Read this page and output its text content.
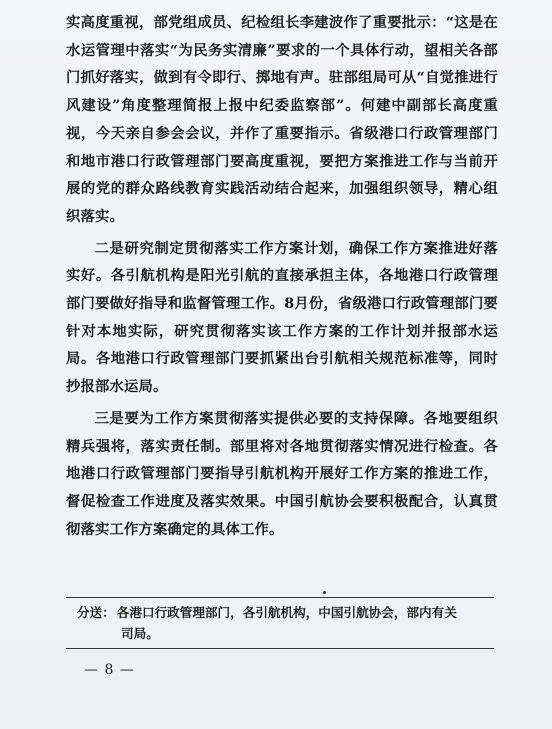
实高度重视，部党组成员、纪检组长李建波作了重要批示：“这是在水运管理中落实“为民务实清廉”要求的一个具体行动，望相关各部门抓好落实，做到有令即行、掷地有声。驻部组局可从“自觉推进行风建设”角度整理简报上报中纪委监察部”。何建中副部长高度重视，今天亲自参会会议，并作了重要指示。省级港口行政管理部门和地市港口行政管理部门要高度重视，要把方案推进工作与当前开展的党的群众路线教育实践活动结合起来，加强组织领导，精心组织落实。

二是研究制定贯彻落实工作方案计划，确保工作方案推进好落实好。各引航机构是阳光引航的直接承担主体，各地港口行政管理部门要做好指导和监督管理工作。8月份，省级港口行政管理部门要针对本地实际，研究贯彻落实该工作方案的工作计划并报部水运局。各地港口行政管理部门要抓紧出台引航相关规范标准等，同时抄报部水运局。

三是要为工作方案贯彻落实提供必要的支持保障。各地要组织精兵强将，落实责任制。部里将对各地贯彻落实情况进行检查。各地港口行政管理部门要指导引航机构开展好工作方案的推进工作，督促检查工作进度及落实效果。中国引航协会要积极配合，认真贯彻落实工作方案确定的具体工作。

分送： 各港口行政管理部门，各引航机构，中国引航协会，部内有关
司局。
— 8 —
